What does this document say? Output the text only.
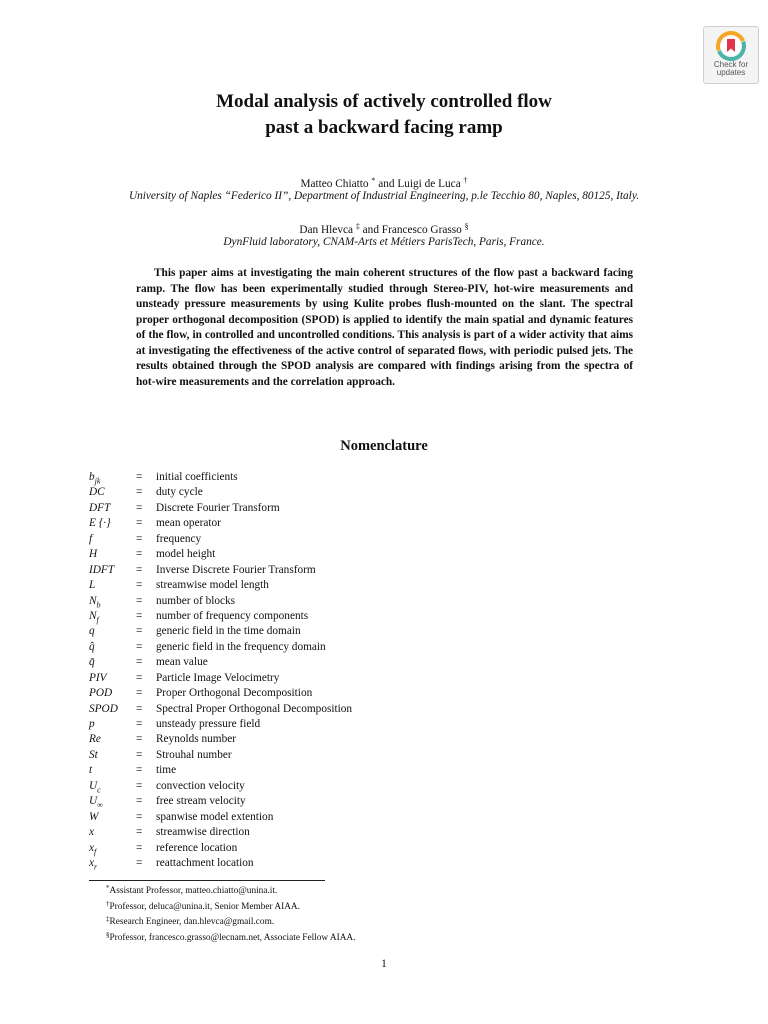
Check for
updates
Modal analysis of actively controlled flow
past a backward facing ramp
Matteo Chiatto * and Luigi de Luca †
University of Naples “Federico II”, Department of Industrial Engineering, p.le Tecchio 80, Naples, 80125, Italy.
Dan Hlevca ‡ and Francesco Grasso §
DynFluid laboratory, CNAM-Arts et Métiers ParisTech, Paris, France.

This paper aims at investigating the main coherent structures of the flow past a backward facing ramp. The flow has been experimentally studied through Stereo-PIV, hot-wire measurements and unsteady pressure measurements by using Kulite probes flush-mounted on the slant. The spectral proper orthogonal decomposition (SPOD) is applied to identify the main spatial and dynamic features of the flow, in controlled and uncontrolled conditions. This analysis is part of a wider activity that aims at investigating the effectiveness of the active control of separated flows, with periodic pulsed jets. The results obtained through the SPOD analysis are compared with findings arising from the spectra of hot-wire measurements and the correlation approach.

Nomenclature
$b_{jk}$	= initial coefficients
DC	= duty cycle
DFT = Discrete Fourier Transform
E {·} = mean operator
f	= frequency
H	= model height
IDFT = Inverse Discrete Fourier Transform
L	= streamwise model length
$N_b$	= number of blocks
$N_f$	= number of frequency components
q	= generic field in the time domain
q̂	= generic field in the frequency domain
q̄	= mean value
PIV	= Particle Image Velocimetry
POD = Proper Orthogonal Decomposition
SPOD = Spectral Proper Orthogonal Decomposition
p	= unsteady pressure field
Re	= Reynolds number
St	= Strouhal number
t	= time
$U_c$	= convection velocity
$U_\infty$	= free stream velocity
W	= spanwise model extention
x	= streamwise direction
$x_f$	= reference location
$x_r$	= reattachment location
*Assistant Professor, matteo.chiatto@unina.it.
†Professor, deluca@unina.it, Senior Member AIAA.
‡Research Engineer, dan.hlevca@gmail.com.
§Professor, francesco.grasso@lecnam.net, Associate Fellow AIAA.
1
